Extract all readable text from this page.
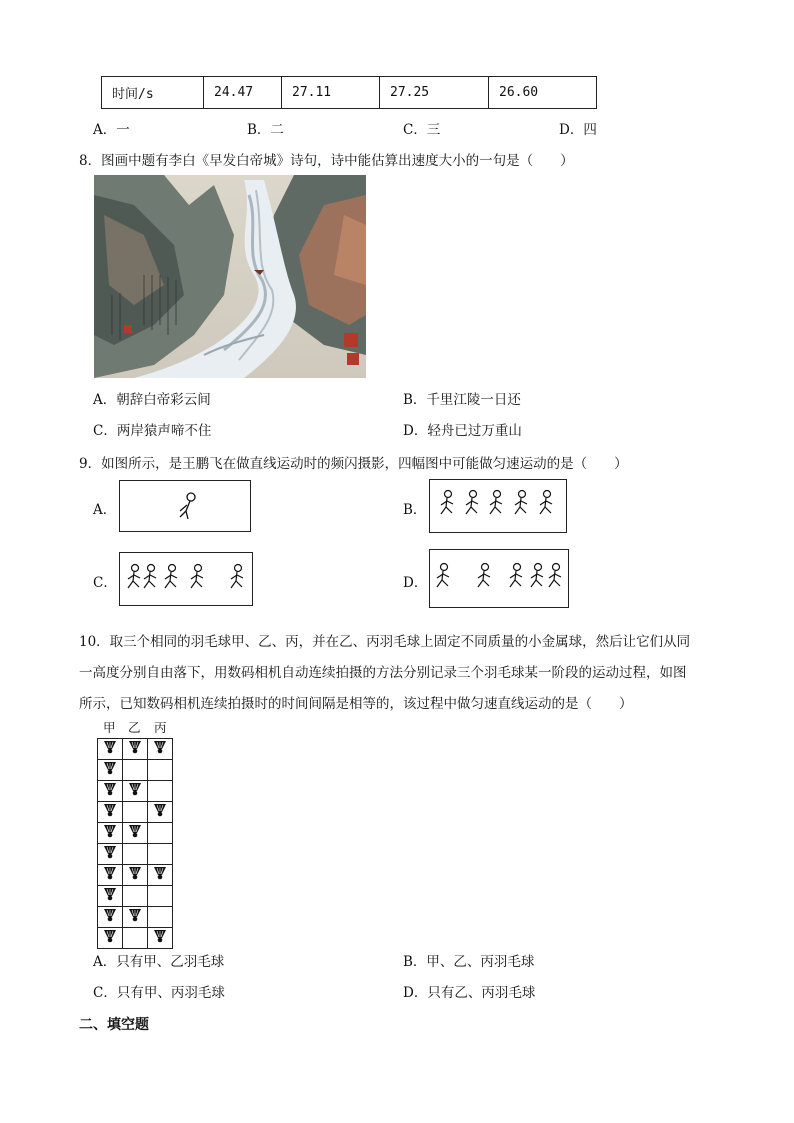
时间/s	24.47	27.11	27.25	26.60
A．一	B．二	C．三	D．四
8．图画中题有李白《早发白帝城》诗句，诗中能估算出速度大小的一句是（　　）
A．朝辞白帝彩云间	B．千里江陵一日还
C．两岸猿声啼不住	D．轻舟已过万重山
9．如图所示，是王鹏飞在做直线运动时的频闪摄影，四幅图中可能做匀速运动的是（　　）
A．	B．
C．	D．
10．取三个相同的羽毛球甲、乙、丙，并在乙、丙羽毛球上固定不同质量的小金属球，然后让它们从同
一高度分别自由落下，用数码相机自动连续拍摄的方法分别记录三个羽毛球某一阶段的运动过程，如图
所示，已知数码相机连续拍摄时的时间间隔是相等的，该过程中做匀速直线运动的是（　　）
甲 乙 丙

A．只有甲、乙羽毛球	B．甲、乙、丙羽毛球
C．只有甲、丙羽毛球	D．只有乙、丙羽毛球
二、填空题
